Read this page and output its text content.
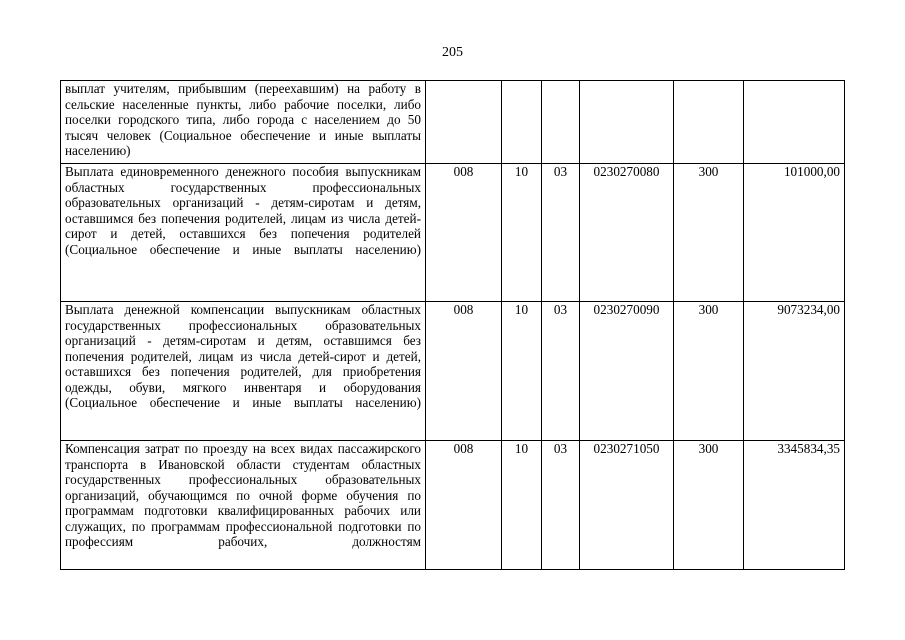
205
выплат учителям, прибывшим (переехавшим) на работу в сельские населенные пункты, либо рабочие поселки, либо поселки городского типа, либо города с населением до 50 тысяч человек (Социальное обеспечение и иные выплаты населению)						

Выплата единовременного денежного пособия выпускникам областных государственных профессиональных образовательных организаций - детям-сиротам и детям, оставшимся без попечения родителей, лицам из числа детей-сирот и детей, оставшихся без попечения родителей (Социальное обеспечение и иные выплаты населению)	008	10	03	0230270080	300	101000,00

Выплата денежной компенсации выпускникам областных государственных профессиональных образовательных организаций - детям-сиротам и детям, оставшимся без попечения родителей, лицам из числа детей-сирот и детей, оставшихся без попечения родителей, для приобретения одежды, обуви, мягкого инвентаря и оборудования (Социальное обеспечение и иные выплаты населению)	008	10	03	0230270090	300	9073234,00

Компенсация затрат по проезду на всех видах пассажирского транспорта в Ивановской области студентам областных государственных профессиональных образовательных организаций, обучающимся по очной форме обучения по программам подготовки квалифицированных рабочих или служащих, по программам профессиональной подготовки по профессиям рабочих, должностям	008	10	03	0230271050	300	3345834,35
